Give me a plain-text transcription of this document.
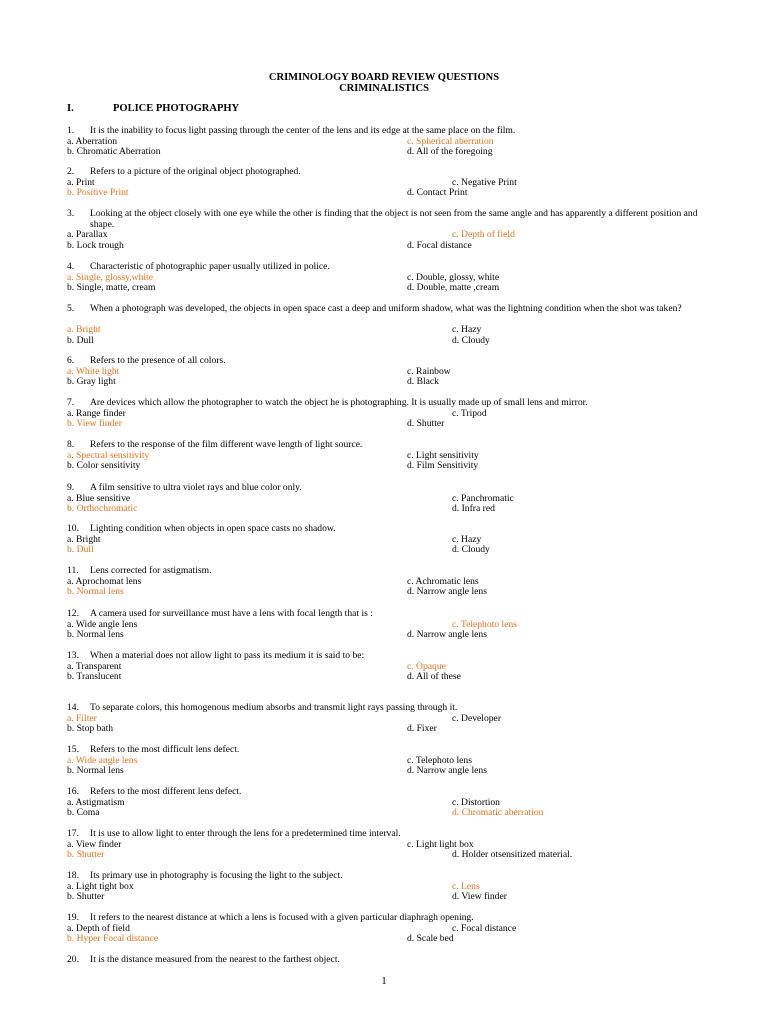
CRIMINOLOGY BOARD REVIEW QUESTIONS
CRIMINALISTICS
I.	POLICE PHOTOGRAPHY
1.	It is the inability to focus light passing through the center of the lens and its edge at the same place on the film.
a. Aberration	c. Spherical aberration
b. Chromatic Aberration	d. All of the foregoing
2.	Refers to a picture of the original object photographed.
a. Print	c. Negative Print
b. Positive Print	d. Contact Print
3.	Looking at the object closely with one eye while the other is finding that the object is not seen from the same angle and has apparently a different position and shape.
a. Parallax	c. Depth of field
b. Lock trough	d. Focal distance
4.	Characteristic of photographic paper usually utilized in police.
a. Single, glossy,white	c. Double, glossy, white
b. Single, matte, cream	d. Double, matte ,cream
5.	When a photograph was developed, the objects in open space cast a deep and uniform shadow, what was the lightning condition when the shot was taken?
a. Bright	c. Hazy
b. Dull	d. Cloudy
6.	Refers to the presence of all colors.
a. White light	c. Rainbow
b. Gray light	d. Black
7.	Are devices which allow the photographer to watch the object he is photographing. It is usually made up of small lens and mirror.
a. Range finder	c. Tripod
b. View finder	d. Shutter
8.	Refers to the response of the film different wave length of light source.
a. Spectral sensitivity	c. Light sensitivity
b. Color sensitivity	d. Film Sensitivity
9.	A film sensitive to ultra violet rays and blue color only.
a. Blue sensitive	c. Panchromatic
b. Orthochromatic	d. Infra red
10.	Lighting condition when objects in open space casts no shadow.
a. Bright	c. Hazy
b. Dull	d. Cloudy
11.	Lens corrected for astigmatism.
a. Aprochomat lens	c. Achromatic lens
b. Normal lens	d. Narrow angle lens
12.	A camera used for surveillance must have a lens with focal length that is :
a. Wide angle lens	c. Telephoto lens
b. Normal lens	d. Narrow angle lens
13.	When a material does not allow light to pass its medium it is said to be:
a. Transparent	c. Opaque
b. Translucent	d. All of these
14.	To separate colors, this homogenous medium absorbs and transmit light rays passing through it.
a. Filter	c. Developer
b. Stop bath	d. Fixer
15.	Refers to the most difficult lens defect.
a. Wide angle lens	c. Telephoto lens
b. Normal lens	d. Narrow angle lens
16.	Refers to the most different lens defect.
a. Astigmatism	c. Distortion
b. Coma	d. Chromatic aberration
17.	It is use to allow light to enter through the lens for a predetermined time interval.
a. View finder	c. Light light box
b. Shutter	d. Holder otsensitized material.
18.	Its primary use in photography is focusing the light to the subject.
a. Light tight box	c. Lens
b. Shutter	d. View finder
19.	It refers to the nearest distance at which a lens is focused with a given particular diaphragh opening.
a. Depth of field	c. Focal distance
b. Hyper Focal distance	d. Scale bed
20.	It is the distance measured from the nearest to the farthest object.
1
